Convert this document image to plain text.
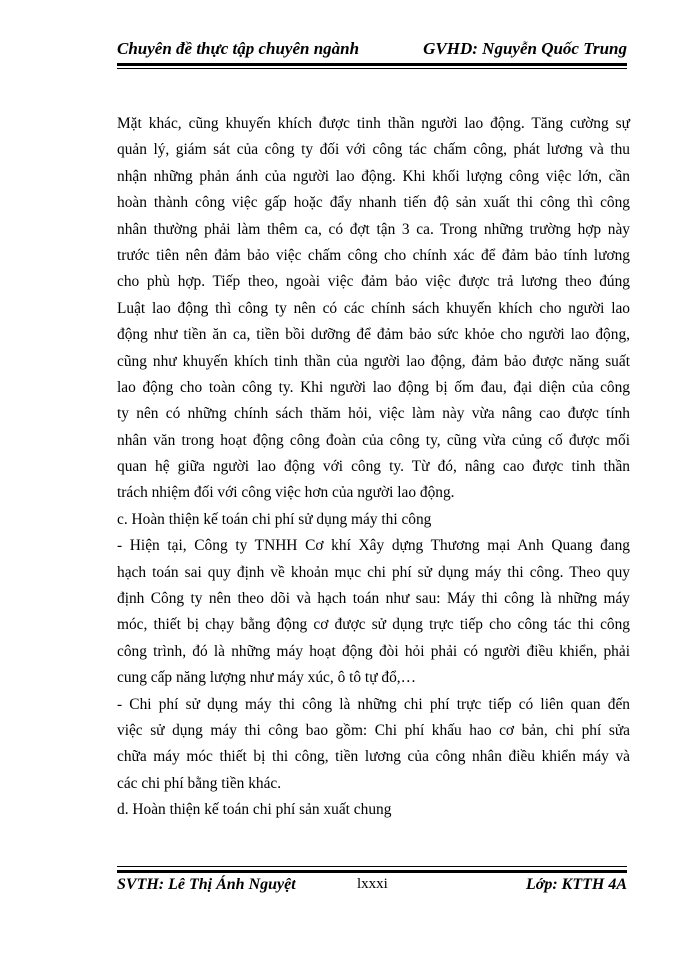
Chuyên đề thực tập chuyên ngành	GVHD: Nguyễn Quốc Trung
Mặt khác, cũng khuyến khích được tinh thần người lao động. Tăng cường sự
quản lý, giám sát của công ty đối với công tác chấm công, phát lương và thu
nhận những phản ánh của người lao động. Khi khối lượng công việc lớn, cần
hoàn thành công việc gấp hoặc đẩy nhanh tiến độ sản xuất thi công thì công
nhân thường phải làm thêm ca, có đợt tận 3 ca. Trong những trường hợp này
trước tiên nên đảm bảo việc chấm công cho chính xác để đảm bảo tính lương
cho phù hợp. Tiếp theo, ngoài việc đảm bảo việc được trả lương theo đúng
Luật lao động thì công ty nên có các chính sách khuyến khích cho người lao
động như tiền ăn ca, tiền bồi dưỡng để đảm bảo sức khỏe cho người lao động,
cũng như khuyến khích tinh thần của người lao động, đảm bảo được năng suất
lao động cho toàn công ty. Khi người lao động bị ốm đau, đại diện của công
ty nên có những chính sách thăm hỏi, việc làm này vừa nâng cao được tính
nhân văn trong hoạt động công đoàn của công ty, cũng vừa củng cố được mối
quan hệ giữa người lao động với công ty. Từ đó, nâng cao được tinh thần
trách nhiệm đối với công việc hơn của người lao động.
c. Hoàn thiện kế toán chi phí sử dụng máy thi công
- Hiện tại, Công ty TNHH Cơ khí Xây dựng Thương mại Anh Quang đang
hạch toán sai quy định về khoản mục chi phí sử dụng máy thi công. Theo quy
định Công ty nên theo dõi và hạch toán như sau: Máy thi công là những máy
móc, thiết bị chạy bằng động cơ được sử dụng trực tiếp cho công tác thi công
công trình, đó là những máy hoạt động đòi hỏi phải có người điều khiển, phải
cung cấp năng lượng như máy xúc, ô tô tự đổ,…
- Chi phí sử dụng máy thi công là những chi phí trực tiếp có liên quan đến
việc sử dụng máy thi công bao gồm: Chi phí khấu hao cơ bản, chi phí sửa
chữa máy móc thiết bị thi công, tiền lương của công nhân điều khiển máy và
các chi phí bằng tiền khác.
d. Hoàn thiện kế toán chi phí sản xuất chung
SVTH: Lê Thị Ánh Nguyệt	lxxxi	Lớp: KTTH 4A
